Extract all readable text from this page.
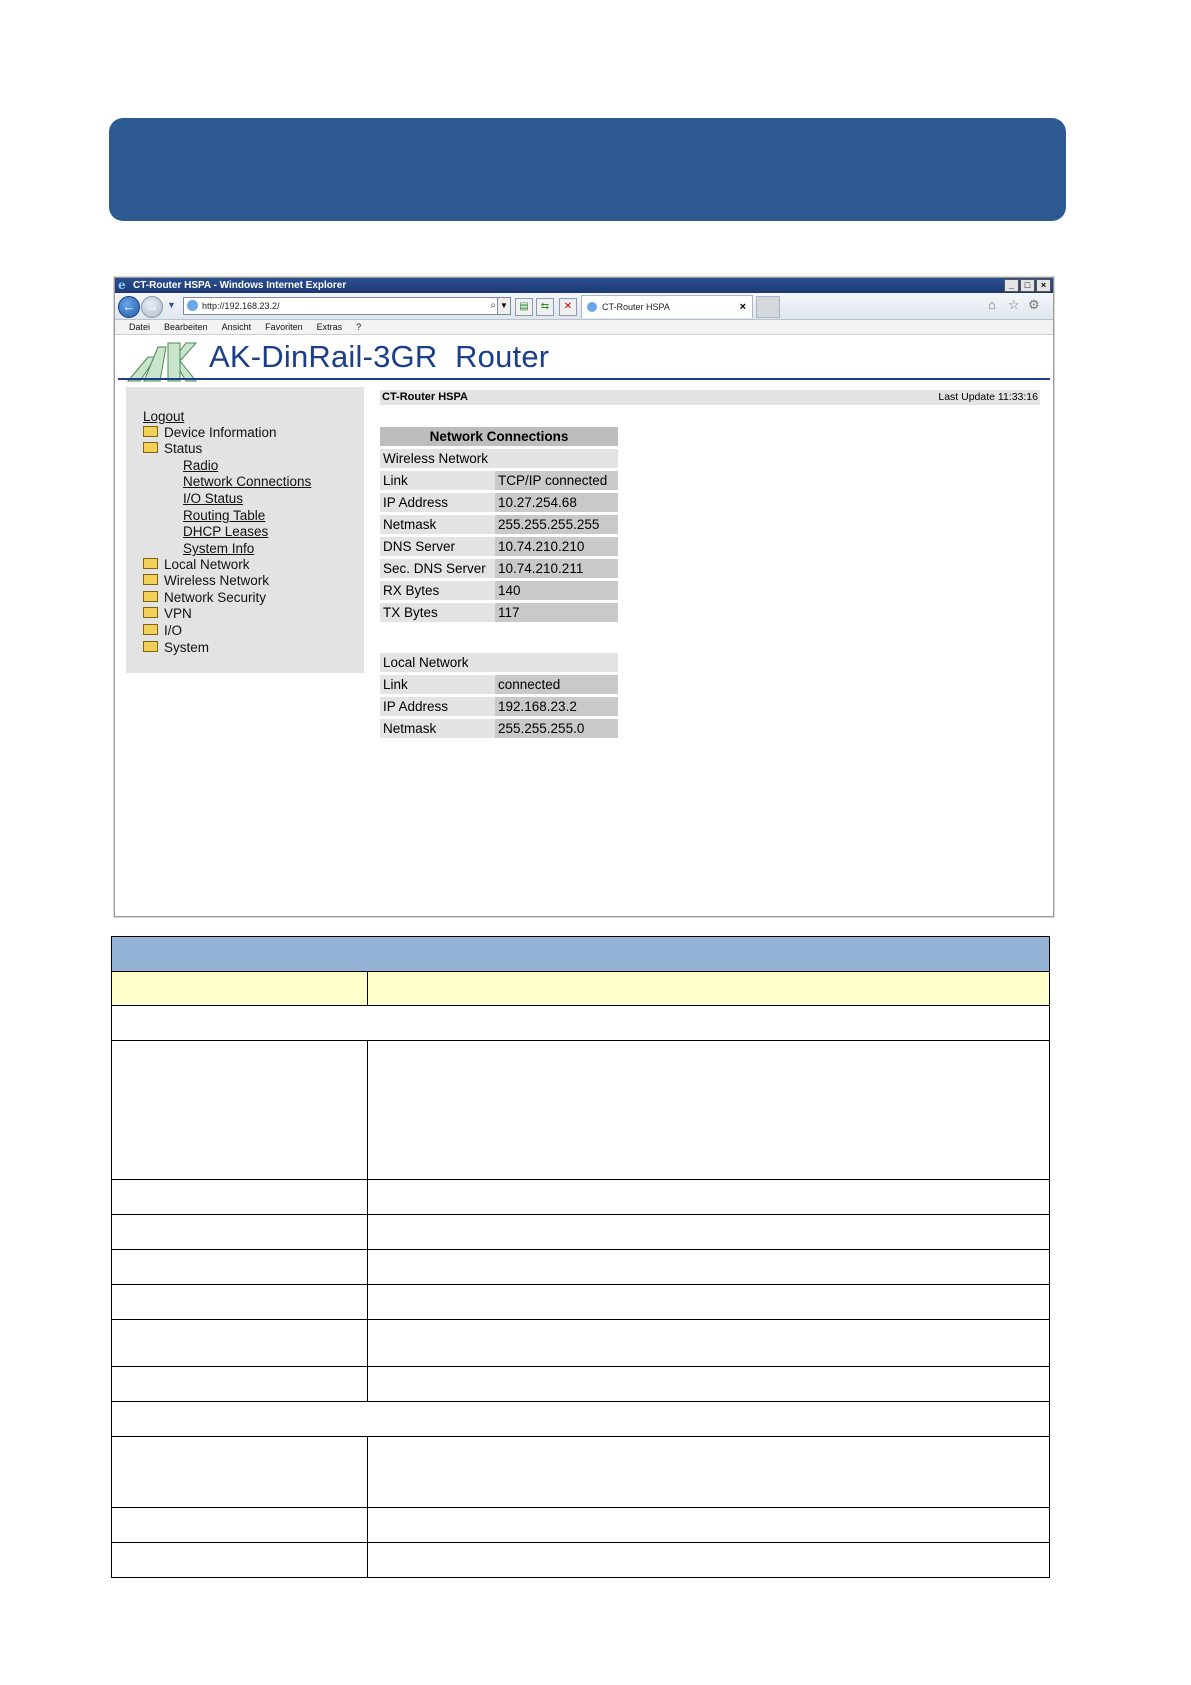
e CT-Router HSPA - Windows Internet Explorer	_	□	×
← → ▼	http://192.168.23.2/	⌕ ▼	▤	⇆	✕	CT-Router HSPA	×	⌂ ☆ ⚙
Datei Bearbeiten Ansicht Favoriten Extras ?
AK-DinRail-3GR  Router
Logout
Device Information
Status
Radio
Network Connections
I/O Status
Routing Table
DHCP Leases
System Info
Local Network
Wireless Network
Network Security
VPN
I/O
System
CT-Router HSPA	Last Update 11:33:16
Network Connections	
Wireless Network	
Link	TCP/IP connected
IP Address	10.27.254.68
Netmask	255.255.255.255
DNS Server	10.74.210.210
Sec. DNS Server	10.74.210.211
RX Bytes	140
TX Bytes	117
Local Network	
Link	connected
IP Address	192.168.23.2
Netmask	255.255.255.0
